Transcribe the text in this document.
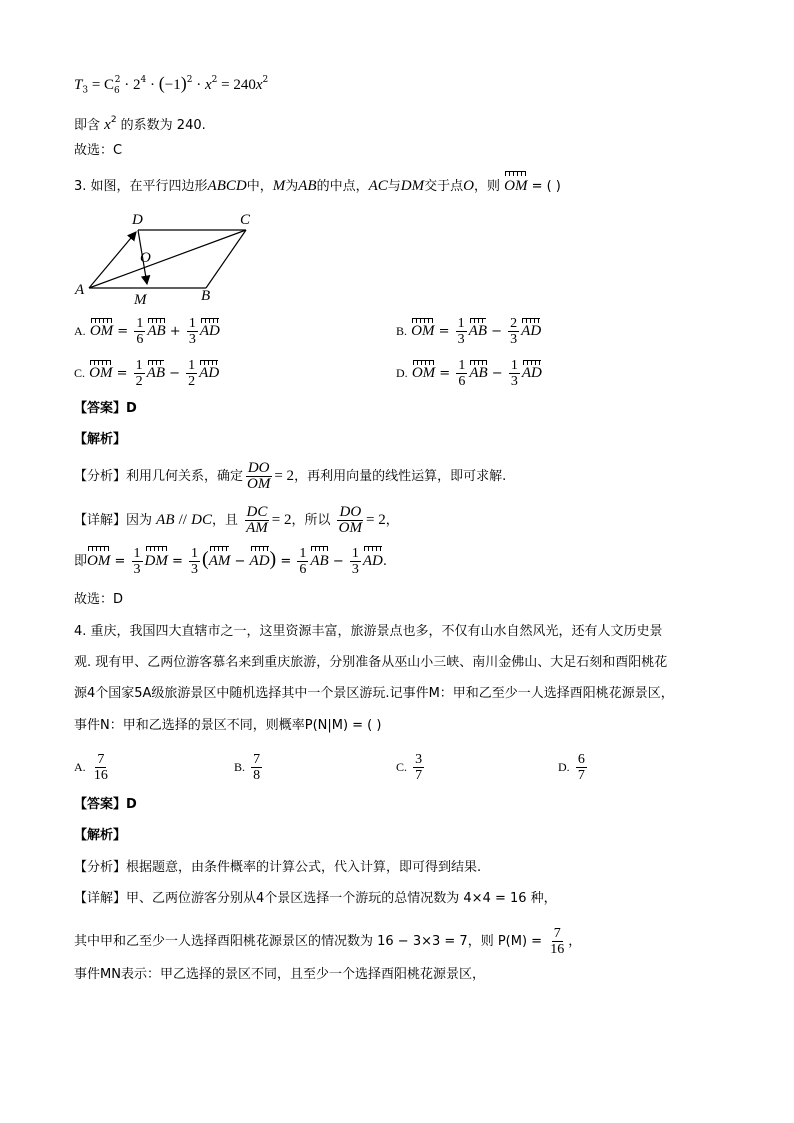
$T_3 = C_6^2 \cdot 2^4 \cdot (-1)^2 \cdot x^2 = 240x^2$
即含 $x^2$ 的系数为 240.
故选：C
3. 如图，在平行四边形ABCD中，M为AB的中点，AC与DM交于点O，则 OM = ( )
A	B
C
D
M
O
A. OM = $\frac{1}{6}$ AB + $\frac{1}{3}$ AD	B. OM = $\frac{1}{3}$ AB − $\frac{2}{3}$ AD
C. OM = $\frac{1}{2}$ AB − $\frac{1}{2}$ AD	D. OM = $\frac{1}{6}$ AB − $\frac{1}{3}$ AD
【答案】D
【解析】
【分析】利用几何关系，确定 $\frac{DO}{OM} = 2$，再利用向量的线性运算，即可求解.
【详解】因为 AB // DC，且 $\frac{DC}{AM} = 2$，所以 $\frac{DO}{OM} = 2$，
即OM = $\frac{1}{3}$ DM = $\frac{1}{3} (AM - AD) = \frac{1}{6}$ AB − $\frac{1}{3}$ AD.
故选：D
4. 重庆，我国四大直辖市之一，这里资源丰富，旅游景点也多，不仅有山水自然风光，还有人文历史景
观. 现有甲、乙两位游客慕名来到重庆旅游，分别准备从巫山小三峡、南川金佛山、大足石刻和酉阳桃花
源4个国家5A级旅游景区中随机选择其中一个景区游玩.记事件M：甲和乙至少一人选择酉阳桃花源景区，
事件N：甲和乙选择的景区不同，则概率P(N|M) = ( )
A. $\frac{7}{16}$	B. $\frac{7}{8}$	C. $\frac{3}{7}$	D. $\frac{6}{7}$
【答案】D
【解析】
【分析】根据题意，由条件概率的计算公式，代入计算，即可得到结果.
【详解】甲、乙两位游客分别从4个景区选择一个游玩的总情况数为 4×4 = 16 种，
其中甲和乙至少一人选择酉阳桃花源景区的情况数为 16 − 3×3 = 7，则 $P(M) = \frac{7}{16}$ ，
事件MN表示：甲乙选择的景区不同，且至少一个选择酉阳桃花源景区，
